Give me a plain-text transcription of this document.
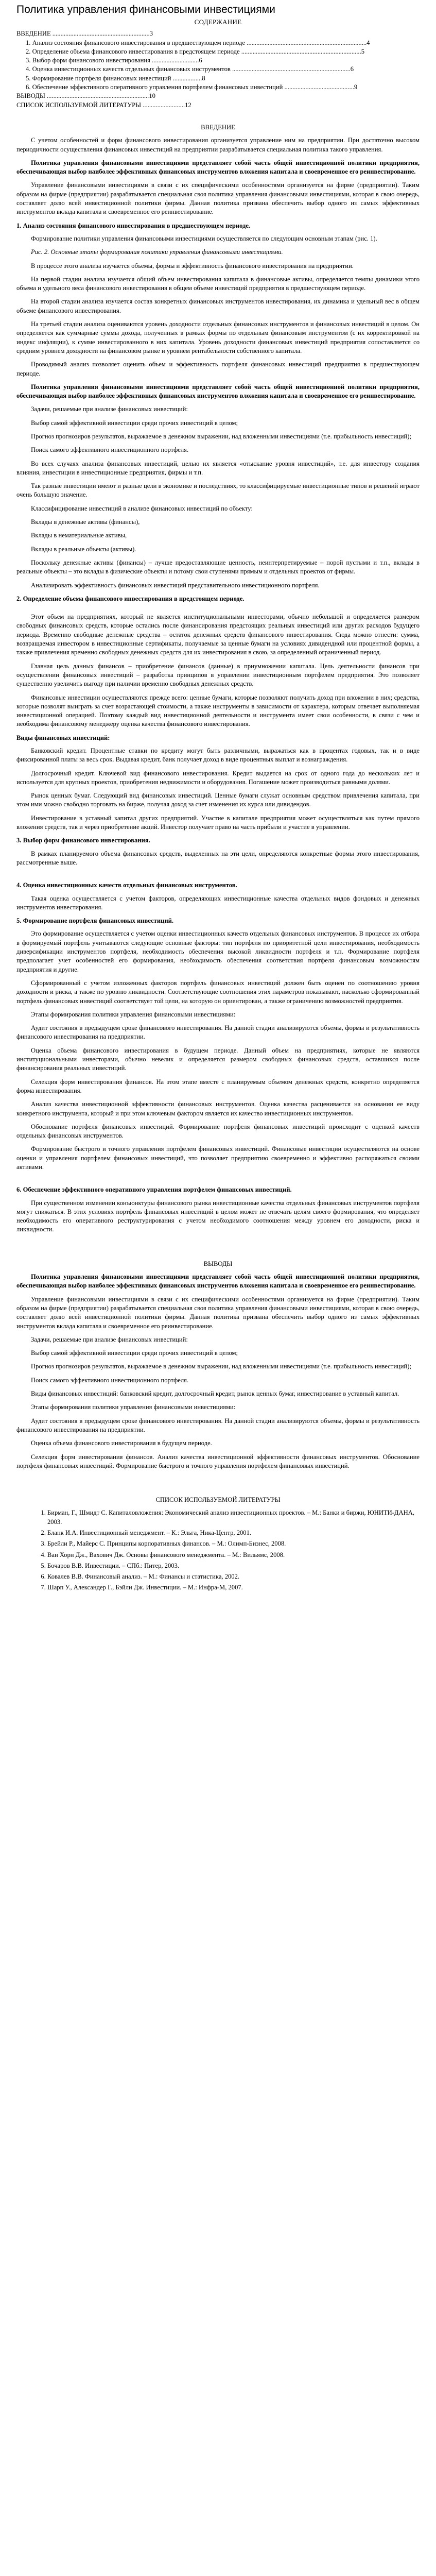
Политика управления финансовыми инвестициями
СОДЕРЖАНИЕ
ВВЕДЕНИЕ ............................................................3
1. Анализ состояния финансового инвестирования в предшествующем периоде ..........................................................................4
2. Определение объема финансового инвестирования в предстоящем периоде ..........................................................................5
3. Выбор форм финансового инвестирования .............................6
4. Оценка инвестиционных качеств отдельных финансовых инструментов .........................................................................6
5. Формирование портфеля финансовых инвестиций ..................8
6. Обеспечение эффективного оперативного управления портфелем финансовых инвестиций ...........................................9
ВЫВОДЫ ...............................................................10
СПИСОК ИСПОЛЬЗУЕМОЙ ЛИТЕРАТУРЫ ..........................12
ВВЕДЕНИЕ

С учетом особенностей и форм финансового инвестирования организуется управление ним на предприятии. При достаточно высоком периодичности осуществления финансовых инвестиций на предприятии разрабатывается специальная политика такого управления.

Политика управления финансовыми инвестициями представляет собой часть общей инвестиционной политики предприятия, обеспечивающая выбор наиболее эффективных финансовых инструментов вложения капитала и своевременное его реинвестирование.

Управление финансовыми инвестициями в связи с их специфическими особенностями организуется на фирме (предприятии). Таким образом на фирме (предприятии) разрабатывается специальная своя политика управления финансовыми инвестициями, которая в свою очередь, составляет долю всей инвестиционной политики фирмы. Данная политика призвана обеспечить выбор одного из самых эффективных инструментов вклада капитала и своевременное его реинвестирование.

1. Анализ состояния финансового инвестирования в предшествующем периоде.

Формирование политики управления финансовыми инвестициями осуществляется по следующим основным этапам (рис. 1).

Рис. 2. Основные этапы формирования политики управления финансовыми инвестициями.

В процессе этого анализа изучается объемы, формы и эффективность финансового инвестирования на предприятии.

На первой стадии анализа изучается общий объем инвестирования капитала в финансовые активы, определяется темпы динамики этого объема и удельного веса финансового инвестирования в общем объеме инвестиций предприятия в предшествующем периоде.

На второй стадии анализа изучается состав конкретных финансовых инструментов инвестирования, их динамика и удельный вес в общем объеме финансового инвестирования.

На третьей стадии анализа оцениваются уровень доходности отдельных финансовых инструментов и финансовых инвестиций в целом. Он определяется как суммарные суммы дохода, полученных в рамках формы по отдельным финансовым инструментом (с их корректировкой на индекс инфляции), к сумме инвестированного в них капитала. Уровень доходности финансовых инвестиций предприятия сопоставляется со средним уровнем доходности на финансовом рынке и уровнем рентабельности собственного капитала.

Проводимый анализ позволяет оценить объем и эффективность портфеля финансовых инвестиций предприятия в предшествующем периоде.

Политика управления финансовыми инвестициями представляет собой часть общей инвестиционной политики предприятия, обеспечивающая выбор наиболее эффективных финансовых инструментов вложения капитала и своевременное его реинвестирование.

Задачи, решаемые при анализе финансовых инвестиций:

Выбор самой эффективной инвестиции среди прочих инвестиций в целом;

Прогноз прогнозиров результатов, выражаемое в денежном выражении, над вложенными инвестициями (т.е. прибыльность инвестиций);

Поиск самого эффективного инвестиционного портфеля.

Во всех случаях анализа финансовых инвестиций, целью их является «отыскание уровня инвестиций», т.е. для инвестору создания влияния, инвестиции в инвестиционные предприятия, фирмы и т.п.

Так разные инвестиции имеют и разные цели в экономике и последствиях, то классифицируемые инвестиционные типов и решений играют очень большую значение.

Классифицирование инвестиций в анализе финансовых инвестиций по объекту:

Вклады в денежные активы (финансы),

Вклады в нематериальные активы,

Вклады в реальные объекты (активы).

Поскольку денежные активы (финансы) – лучше предоставляющие ценность, неинтерпретируемые – порой пустыми и т.п., вклады в реальные объекты – это вклады в физические объекты и потому свои ступенями прямым и отдельных проектов от фирмы.

Анализировать эффективность финансовых инвестиций представительного инвестиционного портфеля.

2. Определение объема финансового инвестирования в предстоящем периоде.

Этот объем на предприятиях, который не является институциональными инвесторами, обычно небольшой и определяется размером свободных финансовых средств, которые остались после финансирования предстоящих реальных инвестиций или других расходов будущего периода. Временно свободные денежные средства – остаток денежных средств финансового инвестирования. Сюда можно отнести: сумма, возвращаемая инвестором в инвестиционные сертификаты, получаемые за ценные бумаги на условиях дивидендной или процентной формы, а также привлечения временно свободных денежных средств для их инвестирования в свою, за определенный ограниченный период.

Главная цель данных финансов – приобретение финансов (данные) в приумножении капитала. Цель деятельности финансов при осуществлении финансовых инвестиций – разработка принципов в управлении инвестиционным портфелем предприятия. Это позволяет существенно увеличить выгоду при наличии временно свободных денежных средств.

Финансовые инвестиции осуществляются прежде всего: ценные бумаги, которые позволяют получить доход при вложении в них; средства, которые позволят выиграть за счет возрастающей стоимости, а также инструменты в зависимости от характера, которым отвечает выполняемая инвестиционной операцией. Поэтому каждый вид инвестиционной деятельности и инструмента имеет свои особенности, в связи с чем и необходима финансовому менеджеру оценка качества финансового инвестирования.

Виды финансовых инвестиций:

Банковский кредит. Процентные ставки по кредиту могут быть различными, выражаться как в процентах годовых, так и в виде фиксированной платы за весь срок. Выдавая кредит, банк получает доход в виде процентных выплат и вознаграждения.

Долгосрочный кредит. Ключевой вид финансового инвестирования. Кредит выдается на срок от одного года до нескольких лет и используется для крупных проектов, приобретения недвижимости и оборудования. Погашение может производиться равными долями.

Рынок ценных бумаг. Следующий вид финансовых инвестиций. Ценные бумаги служат основным средством привлечения капитала, при этом ими можно свободно торговать на бирже, получая доход за счет изменения их курса или дивидендов.

Инвестирование в уставный капитал других предприятий. Участие в капитале предприятия может осуществляться как путем прямого вложения средств, так и через приобретение акций. Инвестор получает право на часть прибыли и участие в управлении.

3. Выбор форм финансового инвестирования.

В рамках планируемого объема финансовых средств, выделенных на эти цели, определяются конкретные формы этого инвестирования, рассмотренные выше.

4. Оценка инвестиционных качеств отдельных финансовых инструментов.

Такая оценка осуществляется с учетом факторов, определяющих инвестиционные качества отдельных видов фондовых и денежных инструментов инвестирования.

5. Формирование портфеля финансовых инвестиций.

Это формирование осуществляется с учетом оценки инвестиционных качеств отдельных финансовых инструментов. В процессе их отбора в формируемый портфель учитываются следующие основные факторы: тип портфеля по приоритетной цели инвестирования, необходимость диверсификации инструментов портфеля, необходимость обеспечения высокой ликвидности портфеля и т.п. Формирование портфеля предполагает учет особенностей его формирования, необходимость обеспечения соответствия портфеля финансовым возможностям предприятия и другие.

Сформированный с учетом изложенных факторов портфель финансовых инвестиций должен быть оценен по соотношению уровня доходности и риска, а также по уровню ликвидности. Соответствующие соотношения этих параметров показывают, насколько сформированный портфель финансовых инвестиций соответствует той цели, на которую он ориентирован, а также ограничению возможностей предприятия.

Этапы формирования политики управления финансовыми инвестициями:

Аудит состояния в предыдущем сроке финансового инвестирования. На данной стадии анализируются объемы, формы и результативность финансового инвестирования на предприятии.

Оценка объема финансового инвестирования в будущем периоде. Данный объем на предприятиях, которые не являются институциональными инвесторами, обычно невелик и определяется размером свободных финансовых средств, оставшихся после финансирования реальных инвестиций.

Селекция форм инвестирования финансов. На этом этапе вместе с планируемым объемом денежных средств, конкретно определяется форма инвестирования.

Анализ качества инвестиционной эффективности финансовых инструментов. Оценка качества расценивается на основании ее виду конкретного инструмента, который и при этом ключевым фактором является их качество инвестиционных инструментов.

Обоснование портфеля финансовых инвестиций. Формирование портфеля финансовых инвестиций происходит с оценкой качеств отдельных финансовых инструментов.

Формирование быстрого и точного управления портфелем финансовых инвестиций. Финансовые инвестиции осуществляются на основе оценки и управления портфелем финансовых инвестиций, что позволяет предприятию своевременно и эффективно распоряжаться своими активами.

6. Обеспечение эффективного оперативного управления портфелем финансовых инвестиций.

При существенном изменении конъюнктуры финансового рынка инвестиционные качества отдельных финансовых инструментов портфеля могут снижаться. В этих условиях портфель финансовых инвестиций в целом может не отвечать целям своего формирования, что определяет необходимость его оперативного реструктурирования с учетом необходимого соотношения между уровнем его доходности, риска и ликвидности.

ВЫВОДЫ

Политика управления финансовыми инвестициями представляет собой часть общей инвестиционной политики предприятия, обеспечивающая выбор наиболее эффективных финансовых инструментов вложения капитала и своевременное его реинвестирование.

Управление финансовыми инвестициями в связи с их специфическими особенностями организуется на фирме (предприятии). Таким образом на фирме (предприятии) разрабатывается специальная своя политика управления финансовыми инвестициями, которая в свою очередь, составляет долю всей инвестиционной политики фирмы. Данная политика призвана обеспечить выбор одного из самых эффективных инструментов вклада капитала и своевременное его реинвестирование.

Задачи, решаемые при анализе финансовых инвестиций:

Выбор самой эффективной инвестиции среди прочих инвестиций в целом;

Прогноз прогнозиров результатов, выражаемое в денежном выражении, над вложенными инвестициями (т.е. прибыльность инвестиций);

Поиск самого эффективного инвестиционного портфеля.

Виды финансовых инвестиций: банковский кредит, долгосрочный кредит, рынок ценных бумаг, инвестирование в уставный капитал.

Этапы формирования политики управления финансовыми инвестициями:

Аудит состояния в предыдущем сроке финансового инвестирования. На данной стадии анализируются объемы, формы и результативность финансового инвестирования на предприятии.

Оценка объема финансового инвестирования в будущем периоде.

Селекция форм инвестирования финансов. Анализ качества инвестиционной эффективности финансовых инструментов. Обоснование портфеля финансовых инвестиций. Формирование быстрого и точного управления портфелем финансовых инвестиций.

СПИСОК ИСПОЛЬЗУЕМОЙ ЛИТЕРАТУРЫ
1. Бирман, Г., Шмидт С. Капиталовложения: Экономический анализ инвестиционных проектов. – М.: Банки и биржи, ЮНИТИ-ДАНА, 2003.
2. Бланк И.А. Инвестиционный менеджмент. – К.: Эльга, Ника-Центр, 2001.
3. Брейли Р., Майерс С. Принципы корпоративных финансов. – М.: Олимп-Бизнес, 2008.
4. Ван Хорн Дж., Вахович Дж. Основы финансового менеджмента. – М.: Вильямс, 2008.
5. Бочаров В.В. Инвестиции. – СПб.: Питер, 2003.
6. Ковалев В.В. Финансовый анализ. – М.: Финансы и статистика, 2002.
7. Шарп У., Александер Г., Бэйли Дж. Инвестиции. – М.: Инфра-М, 2007.
